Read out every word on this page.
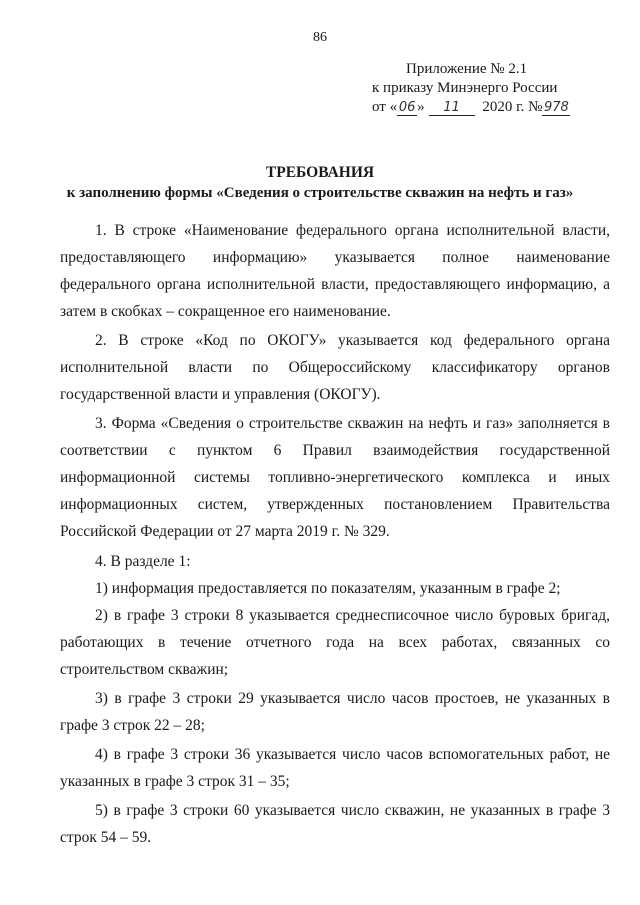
86
Приложение № 2.1
к приказу Минэнерго России
от « 06 » 11 2020 г. № 978
ТРЕБОВАНИЯ
к заполнению формы «Сведения о строительстве скважин на нефть и газ»

1. В строке «Наименование федерального органа исполнительной власти, предоставляющего информацию» указывается полное наименование федерального органа исполнительной власти, предоставляющего информацию, а затем в скобках – сокращенное его наименование.

2. В строке «Код по ОКОГУ» указывается код федерального органа исполнительной власти по Общероссийскому классификатору органов государственной власти и управления (ОКОГУ).

3. Форма «Сведения о строительстве скважин на нефть и газ» заполняется в соответствии с пунктом 6 Правил взаимодействия государственной информационной системы топливно-энергетического комплекса и иных информационных систем, утвержденных постановлением Правительства Российской Федерации от 27 марта 2019 г. № 329.

4. В разделе 1:

1) информация предоставляется по показателям, указанным в графе 2;

2) в графе 3 строки 8 указывается среднесписочное число буровых бригад, работающих в течение отчетного года на всех работах, связанных со строительством скважин;

3) в графе 3 строки 29 указывается число часов простоев, не указанных в графе 3 строк 22 – 28;

4) в графе 3 строки 36 указывается число часов вспомогательных работ, не указанных в графе 3 строк 31 – 35;

5) в графе 3 строки 60 указывается число скважин, не указанных в графе 3 строк 54 – 59.
